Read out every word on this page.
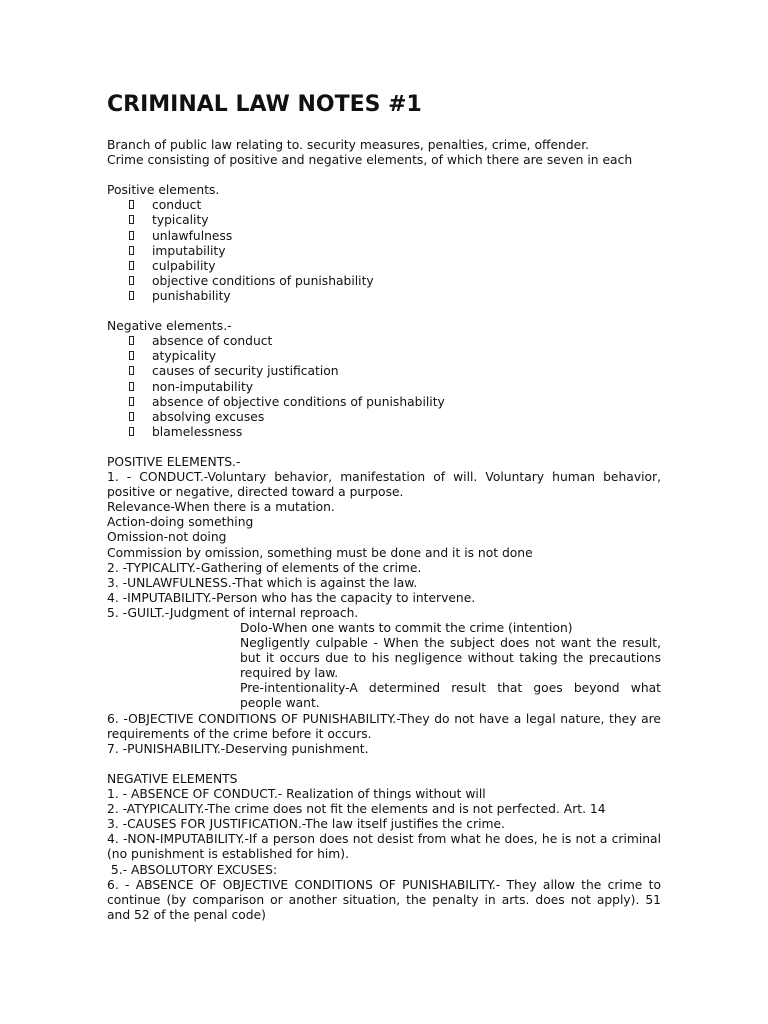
CRIMINAL LAW NOTES #1

Branch of public law relating to. security measures, penalties, crime, offender.

Crime consisting of positive and negative elements, of which there are seven in each

Positive elements.

conduct
typicality
unlawfulness
imputability
culpability
objective conditions of punishability
punishability

Negative elements.-

absence of conduct
atypicality
causes of security justification
non-imputability
absence of objective conditions of punishability
absolving excuses
blamelessness

POSITIVE ELEMENTS.-

1. - CONDUCT.-Voluntary behavior, manifestation of will. Voluntary human behavior, positive or negative, directed toward a purpose.

Relevance-When there is a mutation.

Action-doing something

Omission-not doing

Commission by omission, something must be done and it is not done

2. -TYPICALITY.-Gathering of elements of the crime.

3. -UNLAWFULNESS.-That which is against the law.

4. -IMPUTABILITY.-Person who has the capacity to intervene.

5. -GUILT.-Judgment of internal reproach.

Dolo-When one wants to commit the crime (intention)

Negligently culpable - When the subject does not want the result, but it occurs due to his negligence without taking the precautions required by law.

Pre-intentionality-A determined result that goes beyond what people want.

6. -OBJECTIVE CONDITIONS OF PUNISHABILITY.-They do not have a legal nature, they are requirements of the crime before it occurs.

7. -PUNISHABILITY.-Deserving punishment.

NEGATIVE ELEMENTS

1. - ABSENCE OF CONDUCT.- Realization of things without will

2. -ATYPICALITY.-The crime does not fit the elements and is not perfected. Art. 14

3. -CAUSES FOR JUSTIFICATION.-The law itself justifies the crime.

4. -NON-IMPUTABILITY.-If a person does not desist from what he does, he is not a criminal (no punishment is established for him).

5.- ABSOLUTORY EXCUSES:

6. - ABSENCE OF OBJECTIVE CONDITIONS OF PUNISHABILITY.- They allow the crime to continue (by comparison or another situation, the penalty in arts. does not apply). 51 and 52 of the penal code)
